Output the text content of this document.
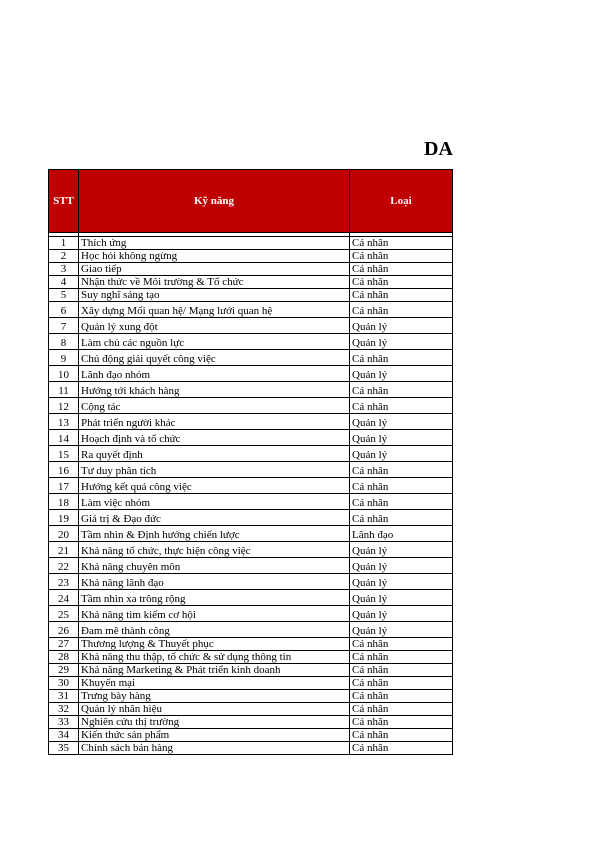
DA
STT	Kỹ năng	Loại

1	Thích ứng	Cá nhân
2	Học hỏi không ngừng	Cá nhân
3	Giao tiếp	Cá nhân
4	Nhận thức về Môi trường & Tổ chức	Cá nhân
5	Suy nghĩ sáng tạo	Cá nhân
6	Xây dựng Mối quan hệ/ Mạng lưới quan hệ	Cá nhân
7	Quản lý xung đột	Quản lý
8	Làm chủ các nguồn lực	Quản lý
9	Chủ động giải quyết công việc	Cá nhân
10	Lãnh đạo nhóm	Quản lý
11	Hướng tới khách hàng	Cá nhân
12	Cộng tác	Cá nhân
13	Phát triển người khác	Quản lý
14	Hoạch định và tổ chức	Quản lý
15	Ra quyết định	Quản lý
16	Tư duy phân tích	Cá nhân
17	Hướng kết quả công việc	Cá nhân
18	Làm việc nhóm	Cá nhân
19	Giá trị & Đạo đức	Cá nhân
20	Tầm nhìn & Định hướng chiến lược	Lãnh đạo
21	Khả năng tổ chức, thực hiện công việc	Quản lý
22	Khả năng chuyên môn	Quản lý
23	Khả năng lãnh đạo	Quản lý
24	Tầm nhìn xa trông rộng	Quản lý
25	Khả năng tìm kiếm cơ hội	Quản lý
26	Đam mê thành công	Quản lý
27	Thương lượng & Thuyết phục	Cá nhân
28	Khả năng thu thập, tổ chức & sử dụng thông tin	Cá nhân
29	Khả năng Marketing & Phát triển kinh doanh	Cá nhân
30	Khuyến mại	Cá nhân
31	Trưng bày hàng	Cá nhân
32	Quản lý nhãn hiệu	Cá nhân
33	Nghiên cứu thị trường	Cá nhân
34	Kiến thức sản phẩm	Cá nhân
35	Chính sách bán hàng	Cá nhân
